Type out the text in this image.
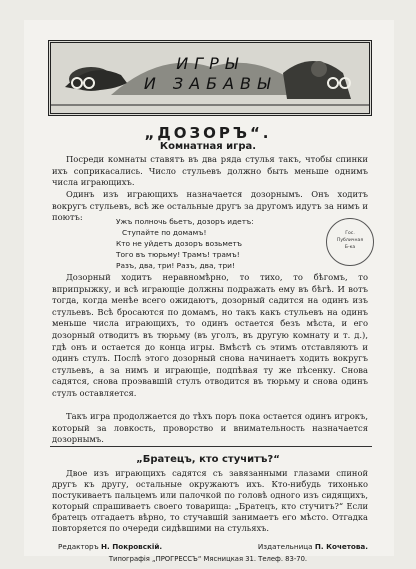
ИГРЫ
И ЗАБАВЫ
„ДОЗОРЪ“.
Комнатная игра.
Посреди комнаты ставятъ въ два ряда стулья такъ, чтобы спинки ихъ соприкасались. Число стульевъ должно быть меньше однимъ числа играющихъ.
Одинъ изъ играющихъ назначается дозорнымъ. Онъ ходитъ вокругъ стульевъ, всѣ же остальные другъ за другомъ идутъ за нимъ и поютъ:	Ужъ полночь бьетъ, дозоръ идетъ:
Ступайте по домамъ!
Кто не уйдетъ дозоръ возьметъ
Того въ тюрьму! Трамъ! трамъ!
Разъ, два, три! Разъ, два, три!
Гос.
Публичная
Б-ка
Дозорный ходитъ неравномѣрно, то тихо, то бѣгомъ, то вприпрыжку, и всѣ играющіе должны подражать ему въ бѣгѣ. И вотъ тогда, когда менѣе всего ожидаютъ, дозорный садится на одинъ изъ стульевъ. Всѣ бросаются по домамъ, но такъ какъ стульевъ на одинъ меньше числа играющихъ, то одинъ остается безъ мѣста, и его дозорный отводитъ въ тюрьму (въ уголъ, въ другую комнату и т. д.), гдѣ онъ и остается до конца игры. Вмѣстѣ съ этимъ отставляютъ и одинъ стулъ. Послѣ этого дозорный снова начинаетъ ходить вокругъ стульевъ, а за нимъ и играющіе, подпѣвая ту же пѣсенку. Снова садятся, снова проэвавшій стулъ отводится въ тюрьму и снова одинъ стулъ оставляется.
Такъ игра продолжается до тѣхъ поръ пока остается одинъ игрокъ, который за ловкость, проворство и внимательность назначается дозорнымъ.
„Братецъ, кто стучитъ?“
Двое изъ играющихъ садятся съ завязанными глазами спиной другъ къ другу, остальные окружаютъ ихъ. Кто-нибудь тихонько постукиваетъ пальцемъ или палочкой по головѣ одного изъ сидящихъ, который спрашиваетъ своего товарища: „Братецъ, кто стучитъ?“ Если братецъ отгадаетъ вѣрно, то стучавшій занимаетъ его мѣсто. Отгадка повторяется по очереди сидѣвшими на стульяхъ.
Редакторъ Н. Покровскій.	Издательница П. Кочетова.
Типографія „ПРОГРЕССЪ“ Мясницкая 31. Телеф. 83-70.
